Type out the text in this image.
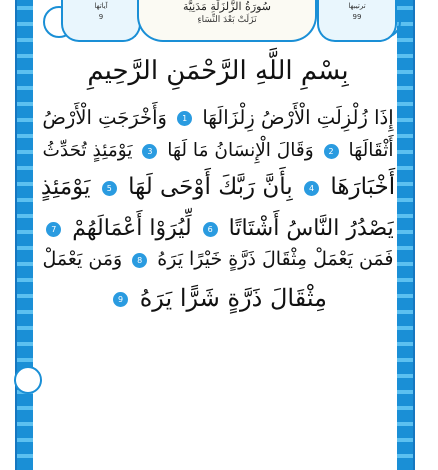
آياتها
9
سُورَةُ الزَّلزَلَةِ مَدَنِيَّة
نَزَلَتْ بَعْدَ النِّسَاءِ
ترتيبها
99
بِسْمِ اللَّهِ الرَّحْمَنِ الرَّحِيمِ
إِذَا زُلْزِلَتِ الْأَرْضُ زِلْزَالَهَا 1 وَأَخْرَجَتِ الْأَرْضُ
أَثْقَالَهَا 2 وَقَالَ الْإِنسَانُ مَا لَهَا 3 يَوْمَئِذٍ تُحَدِّثُ
أَخْبَارَهَا 4 بِأَنَّ رَبَّكَ أَوْحَى لَهَا 5 يَوْمَئِذٍ
يَصْدُرُ النَّاسُ أَشْتَاتًا 6 لِّيُرَوْا أَعْمَالَهُمْ 7
فَمَن يَعْمَلْ مِثْقَالَ ذَرَّةٍ خَيْرًا يَرَهُ 8 وَمَن يَعْمَلْ
مِثْقَالَ ذَرَّةٍ شَرًّا يَرَهُ 9
